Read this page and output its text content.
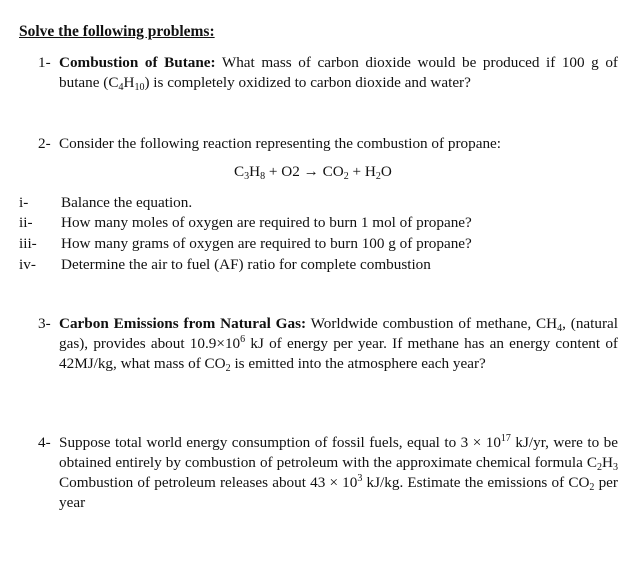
Solve the following problems:
1- Combustion of Butane: What mass of carbon dioxide would be produced if 100 g of butane $(C_4H_{10})$ is completely oxidized to carbon dioxide and water?
2- Consider the following reaction representing the combustion of propane:
$C_3H_8 + O2 \to CO_2 + H_2O$
i- Balance the equation.
ii- How many moles of oxygen are required to burn 1 mol of propane?
iii- How many grams of oxygen are required to burn 100 g of propane?
iv- Determine the air to fuel (AF) ratio for complete combustion
3- Carbon Emissions from Natural Gas: Worldwide combustion of methane, $CH_4$, (natural gas), provides about $10.9\times 10^6$ kJ of energy per year. If methane has an energy content of 42MJ/kg, what mass of $CO_2$ is emitted into the atmosphere each year?
4- Suppose total world energy consumption of fossil fuels, equal to $3 \times 10^{17}$ kJ/yr, were to be obtained entirely by combustion of petroleum with the approximate chemical formula $C_2H_3$ Combustion of petroleum releases about $43 \times 10^3$ kJ/kg. Estimate the emissions of $CO_2$ per year
